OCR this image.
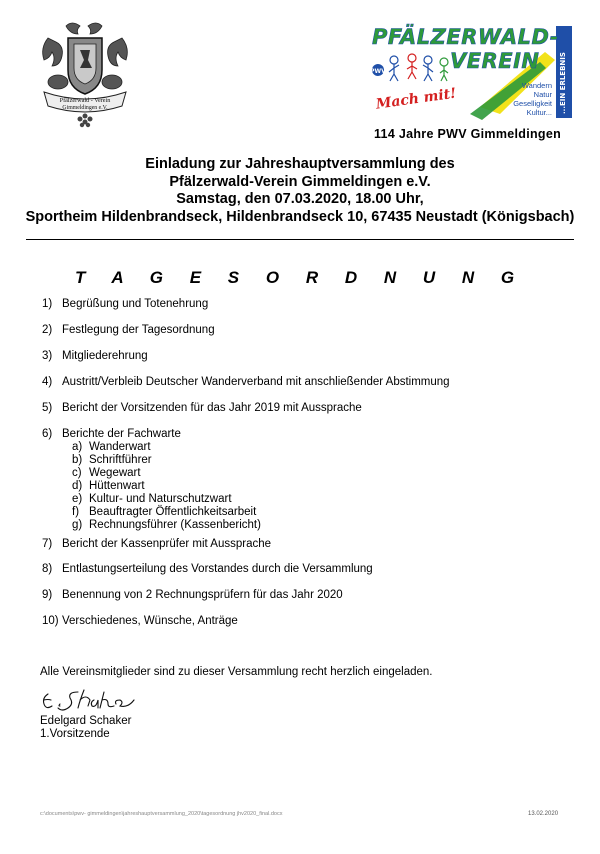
Pfälzerwald - Verein
Gimmeldingen e.V.	...EIN ERLEBNIS
PFÄLZERWALD-
VEREIN
PWV
Mach mit!
Wandern
Natur
Geselligkeit
Kultur...
114 Jahre PWV Gimmeldingen
Einladung zur Jahreshauptversammlung des
Pfälzerwald-Verein Gimmeldingen e.V.
Samstag, den 07.03.2020, 18.00 Uhr,
Sportheim Hildenbrandseck, Hildenbrandseck 10, 67435 Neustadt (Königsbach)
T A G E S O R D N U N G
1) Begrüßung und Totenehrung
2) Festlegung der Tagesordnung
3) Mitgliederehrung
4) Austritt/Verbleib Deutscher Wanderverband mit anschließender Abstimmung
5) Bericht der Vorsitzenden für das Jahr 2019 mit Aussprache
6) Berichte der Fachwarte
a) Wanderwart
b) Schriftführer
c) Wegewart
d) Hüttenwart
e) Kultur- und Naturschutzwart
f) Beauftragter Öffentlichkeitsarbeit
g) Rechnungsführer (Kassenbericht)
7) Bericht der Kassenprüfer mit Aussprache
8) Entlastungserteilung des Vorstandes durch die Versammlung
9) Benennung von 2 Rechnungsprüfern für das Jahr 2020
10) Verschiedenes, Wünsche, Anträge
Alle Vereinsmitglieder sind zu dieser Versammlung recht herzlich eingeladen.
Edelgard Schaker
1.Vorsitzende
c:\documents\pwv- gimmeldingen\jahreshauptversammlung_2020\tagesordnung jhv2020_final.docx	13.02.2020
